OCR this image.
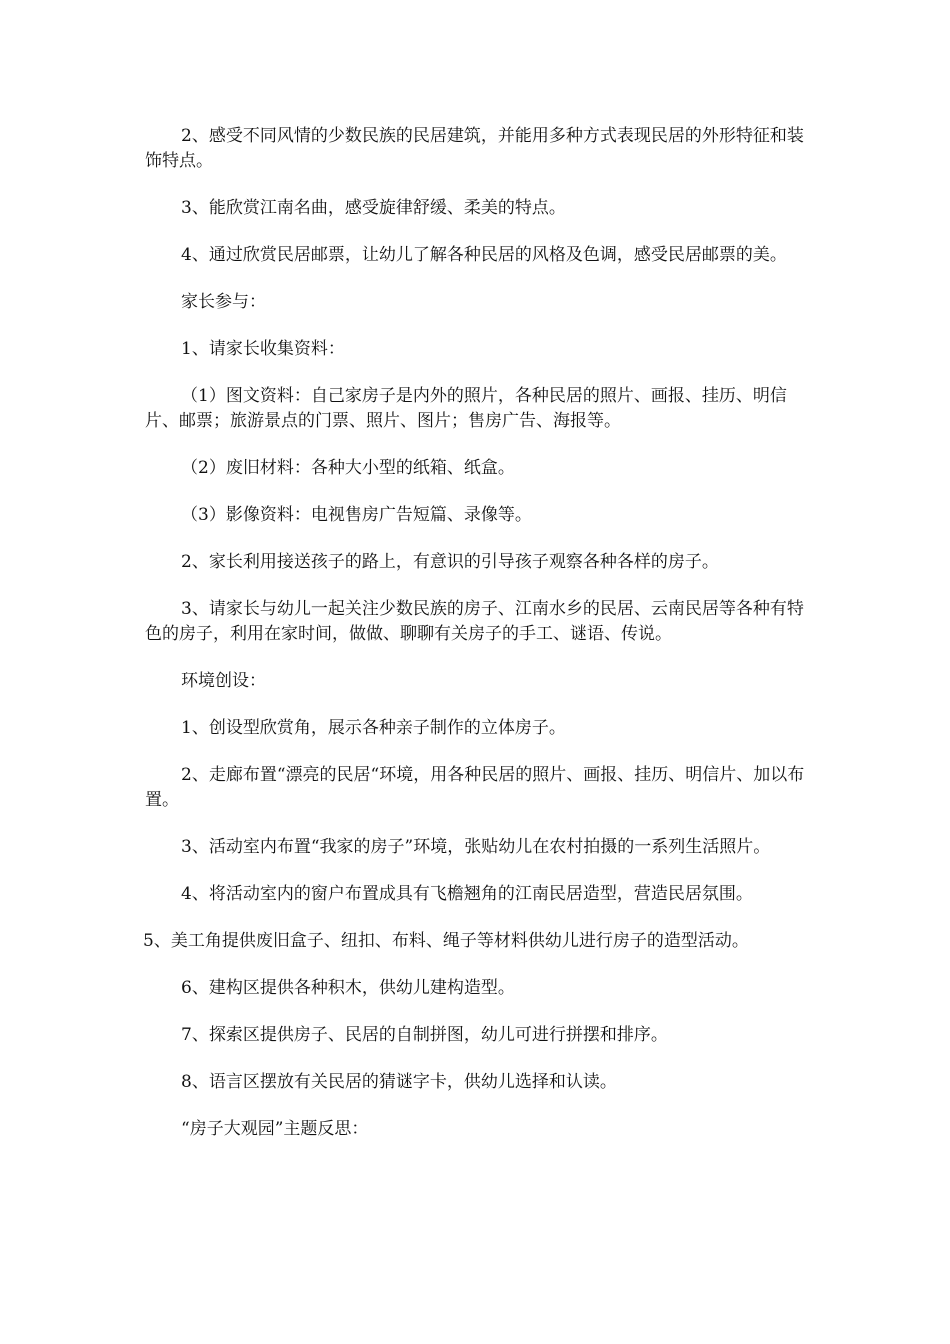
2、感受不同风情的少数民族的民居建筑，并能用多种方式表现民居的外形特征和装饰特点。

3、能欣赏江南名曲，感受旋律舒缓、柔美的特点。

4、通过欣赏民居邮票，让幼儿了解各种民居的风格及色调，感受民居邮票的美。

家长参与：

1、请家长收集资料：

（1）图文资料：自己家房子是内外的照片，各种民居的照片、画报、挂历、明信片、邮票；旅游景点的门票、照片、图片；售房广告、海报等。

（2）废旧材料：各种大小型的纸箱、纸盒。

（3）影像资料：电视售房广告短篇、录像等。

2、家长利用接送孩子的路上，有意识的引导孩子观察各种各样的房子。

3、请家长与幼儿一起关注少数民族的房子、江南水乡的民居、云南民居等各种有特色的房子，利用在家时间，做做、聊聊有关房子的手工、谜语、传说。

环境创设：

1、创设型欣赏角，展示各种亲子制作的立体房子。

2、走廊布置“漂亮的民居“环境，用各种民居的照片、画报、挂历、明信片、加以布置。

3、活动室内布置“我家的房子”环境，张贴幼儿在农村拍摄的一系列生活照片。

4、将活动室内的窗户布置成具有飞檐翘角的江南民居造型，营造民居氛围。

5、美工角提供废旧盒子、纽扣、布料、绳子等材料供幼儿进行房子的造型活动。

6、建构区提供各种积木，供幼儿建构造型。

7、探索区提供房子、民居的自制拼图，幼儿可进行拼摆和排序。

8、语言区摆放有关民居的猜谜字卡，供幼儿选择和认读。

“房子大观园”主题反思：
